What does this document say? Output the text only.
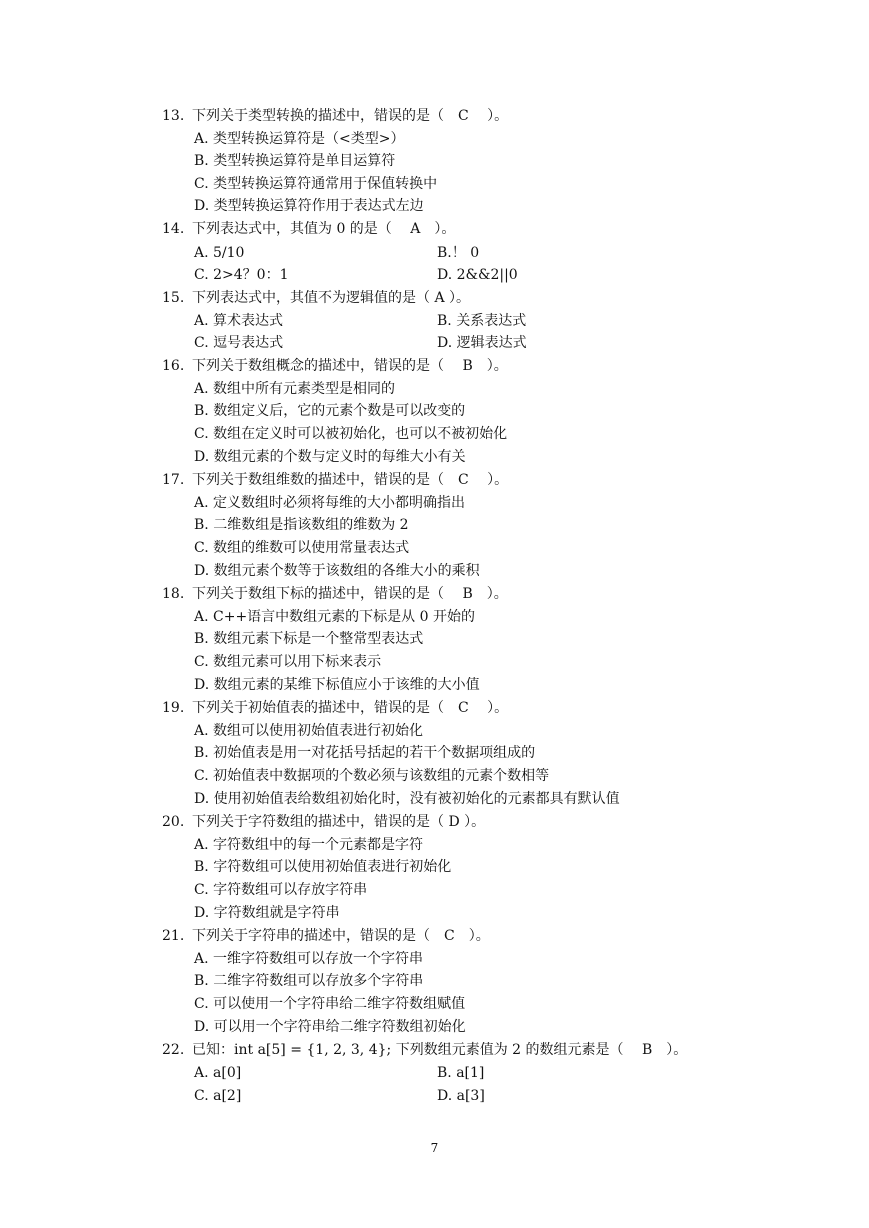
13. 下列关于类型转换的描述中，错误的是（　C　 ）。
A. 类型转换运算符是（<类型>）
B. 类型转换运算符是单目运算符
C. 类型转换运算符通常用于保值转换中
D. 类型转换运算符作用于表达式左边
14. 下列表达式中，其值为 0 的是（　 A　）。
A. 5/10	B.！ 0
C. 2>4？0：1	D. 2&&2||0
15. 下列表达式中，其值不为逻辑值的是（ A ）。
A. 算术表达式	B. 关系表达式
C. 逗号表达式	D. 逻辑表达式
16. 下列关于数组概念的描述中，错误的是（　 B　）。
A. 数组中所有元素类型是相同的
B. 数组定义后，它的元素个数是可以改变的
C. 数组在定义时可以被初始化，也可以不被初始化
D. 数组元素的个数与定义时的每维大小有关
17. 下列关于数组维数的描述中，错误的是（　C　 ）。
A. 定义数组时必须将每维的大小都明确指出
B. 二维数组是指该数组的维数为 2
C. 数组的维数可以使用常量表达式
D. 数组元素个数等于该数组的各维大小的乘积
18. 下列关于数组下标的描述中，错误的是（　 B　）。
A. C++语言中数组元素的下标是从 0 开始的
B. 数组元素下标是一个整常型表达式
C. 数组元素可以用下标来表示
D. 数组元素的某维下标值应小于该维的大小值
19. 下列关于初始值表的描述中，错误的是（　C　 ）。
A. 数组可以使用初始值表进行初始化
B. 初始值表是用一对花括号括起的若干个数据项组成的
C. 初始值表中数据项的个数必须与该数组的元素个数相等
D. 使用初始值表给数组初始化时，没有被初始化的元素都具有默认值
20. 下列关于字符数组的描述中，错误的是（ D ）。
A. 字符数组中的每一个元素都是字符
B. 字符数组可以使用初始值表进行初始化
C. 字符数组可以存放字符串
D. 字符数组就是字符串
21. 下列关于字符串的描述中，错误的是（　C　）。
A. 一维字符数组可以存放一个字符串
B. 二维字符数组可以存放多个字符串
C. 可以使用一个字符串给二维字符数组赋值
D. 可以用一个字符串给二维字符数组初始化
22. 已知：int a[5] = {1, 2, 3, 4}; 下列数组元素值为 2 的数组元素是（　 B　）。
A. a[0]	B. a[1]
C. a[2]	D. a[3]
7
